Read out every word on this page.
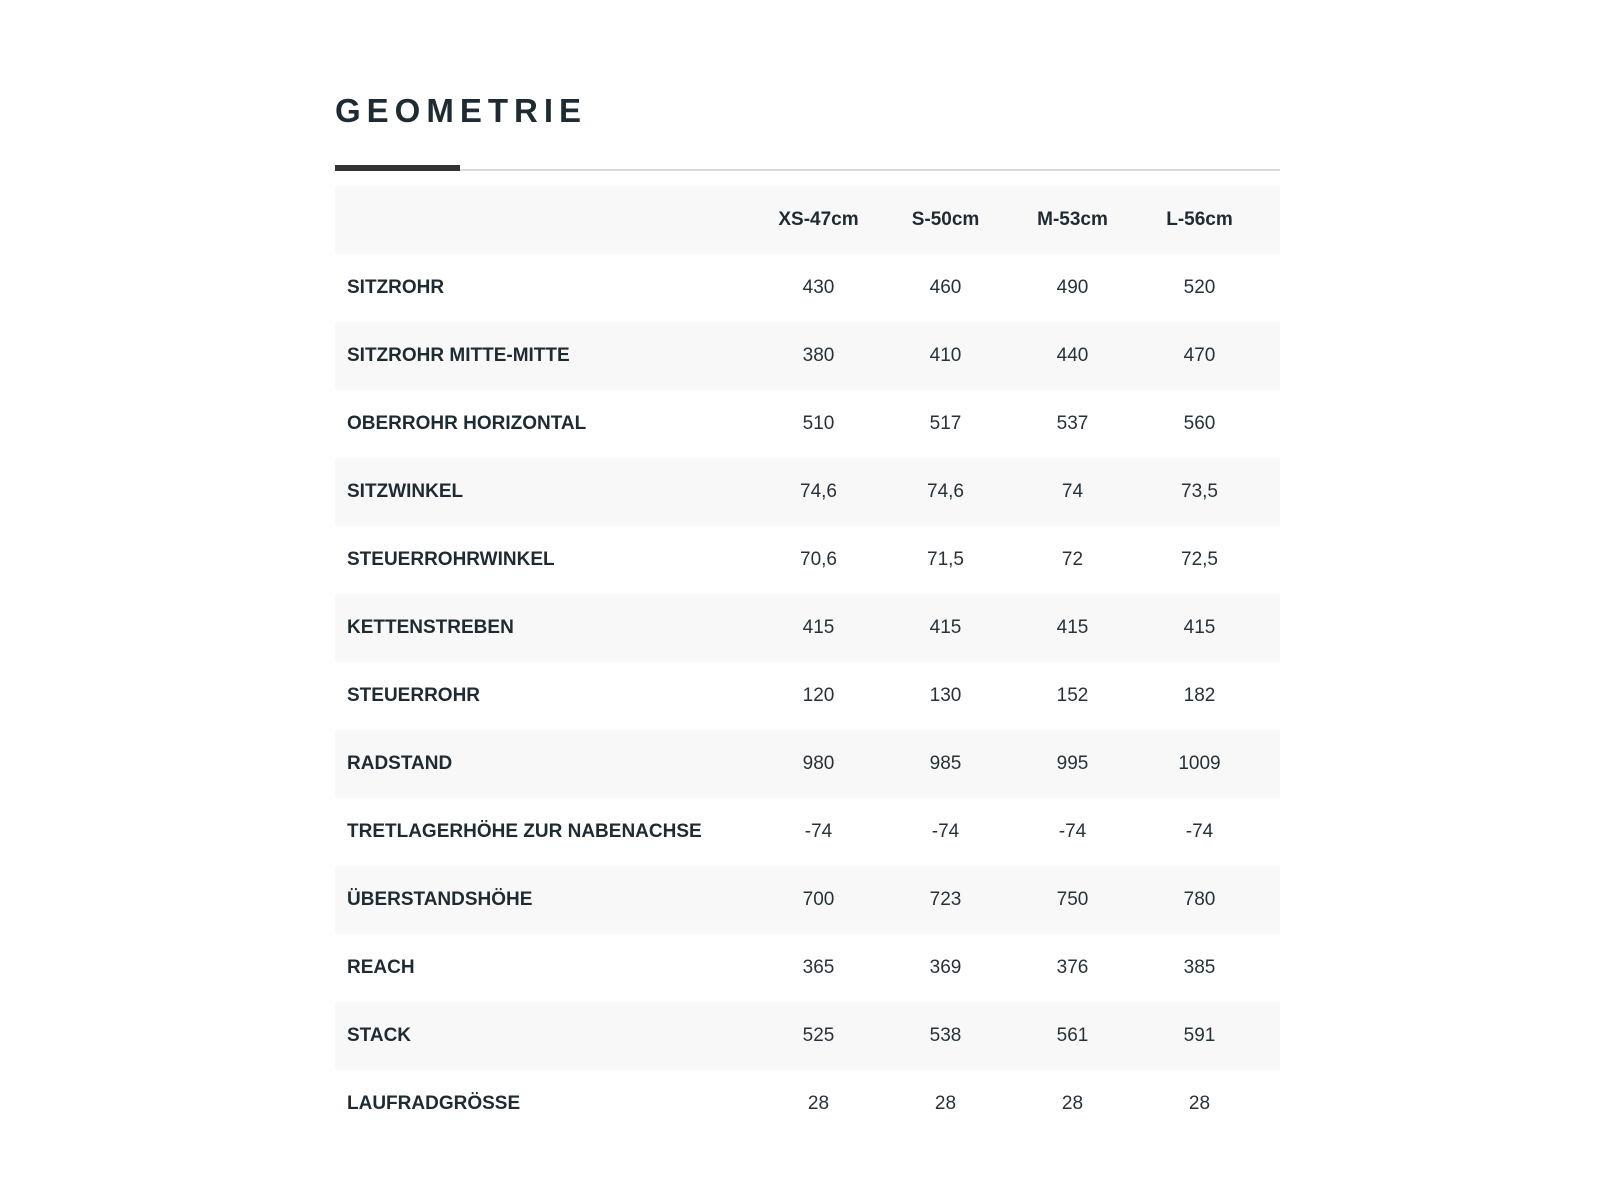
GEOMETRIE
	XS-47cm	S-50cm	M-53cm	L-56cm	
SITZROHR	430	460	490	520	
SITZROHR MITTE-MITTE	380	410	440	470	
OBERROHR HORIZONTAL	510	517	537	560	
SITZWINKEL	74,6	74,6	74	73,5	
STEUERROHRWINKEL	70,6	71,5	72	72,5	
KETTENSTREBEN	415	415	415	415	
STEUERROHR	120	130	152	182	
RADSTAND	980	985	995	1009	
TRETLAGERHÖHE ZUR NABENACHSE	-74	-74	-74	-74	
ÜBERSTANDSHÖHE	700	723	750	780	
REACH	365	369	376	385	
STACK	525	538	561	591	
LAUFRADGRÖSSE	28	28	28	28	
